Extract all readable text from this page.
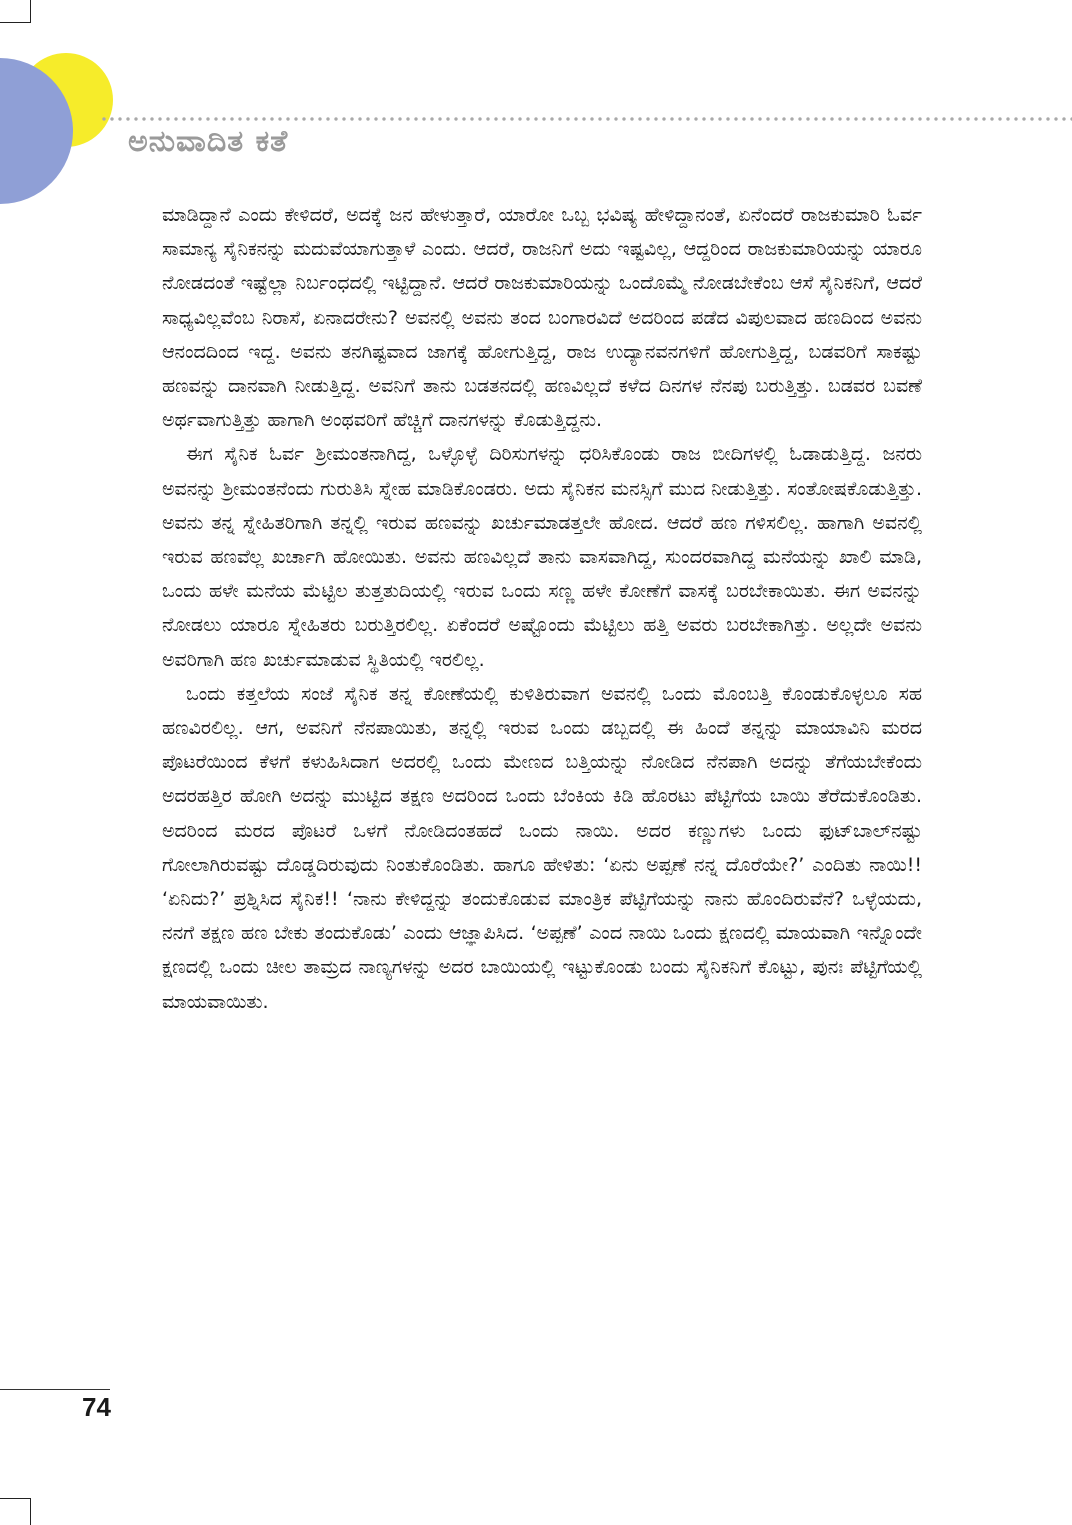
ಅನುವಾದಿತ ಕತೆ

ಮಾಡಿದ್ದಾನೆ ಎಂದು ಕೇಳಿದರೆ, ಅದಕ್ಕೆ ಜನ ಹೇಳುತ್ತಾರೆ, ಯಾರೋ ಒಬ್ಬ ಭವಿಷ್ಯ ಹೇಳಿದ್ದಾನಂತೆ, ಏನೆಂದರೆ ರಾಜಕುಮಾರಿ ಓರ್ವ ಸಾಮಾನ್ಯ ಸೈನಿಕನನ್ನು ಮದುವೆಯಾಗುತ್ತಾಳೆ ಎಂದು. ಆದರೆ, ರಾಜನಿಗೆ ಅದು ಇಷ್ಟವಿಲ್ಲ, ಆದ್ದರಿಂದ ರಾಜಕುಮಾರಿಯನ್ನು ಯಾರೂ ನೋಡದಂತೆ ಇಷ್ಟೆಲ್ಲಾ ನಿರ್ಬಂಧದಲ್ಲಿ ಇಟ್ಟಿದ್ದಾನೆ. ಆದರೆ ರಾಜಕುಮಾರಿಯನ್ನು ಒಂದೊಮ್ಮೆ ನೋಡಬೇಕೆಂಬ ಆಸೆ ಸೈನಿಕನಿಗೆ, ಆದರೆ ಸಾಧ್ಯವಿಲ್ಲವೆಂಬ ನಿರಾಸೆ, ಏನಾದರೇನು? ಅವನಲ್ಲಿ ಅವನು ತಂದ ಬಂಗಾರವಿದೆ ಅದರಿಂದ ಪಡೆದ ವಿಪುಲವಾದ ಹಣದಿಂದ ಅವನು ಆನಂದದಿಂದ ಇದ್ದ. ಅವನು ತನಗಿಷ್ಟವಾದ ಜಾಗಕ್ಕೆ ಹೋಗುತ್ತಿದ್ದ, ರಾಜ ಉದ್ಯಾನವನಗಳಿಗೆ ಹೋಗುತ್ತಿದ್ದ, ಬಡವರಿಗೆ ಸಾಕಷ್ಟು ಹಣವನ್ನು ದಾನವಾಗಿ ನೀಡುತ್ತಿದ್ದ. ಅವನಿಗೆ ತಾನು ಬಡತನದಲ್ಲಿ ಹಣವಿಲ್ಲದೆ ಕಳೆದ ದಿನಗಳ ನೆನಪು ಬರುತ್ತಿತ್ತು. ಬಡವರ ಬವಣೆ ಅರ್ಥವಾಗುತ್ತಿತ್ತು ಹಾಗಾಗಿ ಅಂಥವರಿಗೆ ಹೆಚ್ಚಿಗೆ ದಾನಗಳನ್ನು ಕೊಡುತ್ತಿದ್ದನು.

ಈಗ ಸೈನಿಕ ಓರ್ವ ಶ್ರೀಮಂತನಾಗಿದ್ದ, ಒಳ್ಳೊಳ್ಳೆ ದಿರಿಸುಗಳನ್ನು ಧರಿಸಿಕೊಂಡು ರಾಜ ಬೀದಿಗಳಲ್ಲಿ ಓಡಾಡುತ್ತಿದ್ದ. ಜನರು ಅವನನ್ನು ಶ್ರೀಮಂತನೆಂದು ಗುರುತಿಸಿ ಸ್ನೇಹ ಮಾಡಿಕೊಂಡರು. ಅದು ಸೈನಿಕನ ಮನಸ್ಸಿಗೆ ಮುದ ನೀಡುತ್ತಿತ್ತು. ಸಂತೋಷಕೊಡುತ್ತಿತ್ತು. ಅವನು ತನ್ನ ಸ್ನೇಹಿತರಿಗಾಗಿ ತನ್ನಲ್ಲಿ ಇರುವ ಹಣವನ್ನು ಖರ್ಚುಮಾಡತ್ತಲೇ ಹೋದ. ಆದರೆ ಹಣ ಗಳಿಸಲಿಲ್ಲ. ಹಾಗಾಗಿ ಅವನಲ್ಲಿ ಇರುವ ಹಣವೆಲ್ಲ ಖರ್ಚಾಗಿ ಹೋಯಿತು. ಅವನು ಹಣವಿಲ್ಲದೆ ತಾನು ವಾಸವಾಗಿದ್ದ, ಸುಂದರವಾಗಿದ್ದ ಮನೆಯನ್ನು ಖಾಲಿ ಮಾಡಿ, ಒಂದು ಹಳೇ ಮನೆಯ ಮೆಟ್ಟಿಲ ತುತ್ತತುದಿಯಲ್ಲಿ ಇರುವ ಒಂದು ಸಣ್ಣ ಹಳೇ ಕೋಣೆಗೆ ವಾಸಕ್ಕೆ ಬರಬೇಕಾಯಿತು. ಈಗ ಅವನನ್ನು ನೋಡಲು ಯಾರೂ ಸ್ನೇಹಿತರು ಬರುತ್ತಿರಲಿಲ್ಲ. ಏಕೆಂದರೆ ಅಷ್ಟೊಂದು ಮೆಟ್ಟಿಲು ಹತ್ತಿ ಅವರು ಬರಬೇಕಾಗಿತ್ತು. ಅಲ್ಲದೇ ಅವನು ಅವರಿಗಾಗಿ ಹಣ ಖರ್ಚುಮಾಡುವ ಸ್ಥಿತಿಯಲ್ಲಿ ಇರಲಿಲ್ಲ.

ಒಂದು ಕತ್ತಲೆಯ ಸಂಜೆ ಸೈನಿಕ ತನ್ನ ಕೋಣೆಯಲ್ಲಿ ಕುಳಿತಿರುವಾಗ ಅವನಲ್ಲಿ ಒಂದು ಮೊಂಬತ್ತಿ ಕೊಂಡುಕೊಳ್ಳಲೂ ಸಹ ಹಣವಿರಲಿಲ್ಲ. ಆಗ, ಅವನಿಗೆ ನೆನಪಾಯಿತು, ತನ್ನಲ್ಲಿ ಇರುವ ಒಂದು ಡಬ್ಬದಲ್ಲಿ ಈ ಹಿಂದೆ ತನ್ನನ್ನು ಮಾಯಾವಿನಿ ಮರದ ಪೊಟರೆಯಿಂದ ಕೆಳಗೆ ಕಳುಹಿಸಿದಾಗ ಅದರಲ್ಲಿ ಒಂದು ಮೇಣದ ಬತ್ತಿಯನ್ನು ನೋಡಿದ ನೆನಪಾಗಿ ಅದನ್ನು ತೆಗೆಯಬೇಕೆಂದು ಅದರಹತ್ತಿರ ಹೋಗಿ ಅದನ್ನು ಮುಟ್ಟಿದ ತಕ್ಷಣ ಅದರಿಂದ ಒಂದು ಬೆಂಕಿಯ ಕಿಡಿ ಹೊರಟು ಪೆಟ್ಟಿಗೆಯ ಬಾಯಿ ತೆರೆದುಕೊಂಡಿತು. ಅದರಿಂದ ಮರದ ಪೊಟರೆ ಒಳಗೆ ನೋಡಿದಂತಹದೆ ಒಂದು ನಾಯಿ. ಅದರ ಕಣ್ಣುಗಳು ಒಂದು ಫುಟ್‌ಬಾಲ್‌ನಷ್ಟು ಗೋಲಾಗಿರುವಷ್ಟು ದೊಡ್ಡದಿರುವುದು ನಿಂತುಕೊಂಡಿತು. ಹಾಗೂ ಹೇಳಿತು: ‘ಏನು ಅಪ್ಪಣೆ ನನ್ನ ದೊರೆಯೇ?’ ಎಂದಿತು ನಾಯಿ!! ‘ಏನಿದು?’ ಪ್ರಶ್ನಿಸಿದ ಸೈನಿಕ!! ‘ನಾನು ಕೇಳಿದ್ದನ್ನು ತಂದುಕೊಡುವ ಮಾಂತ್ರಿಕ ಪೆಟ್ಟಿಗೆಯನ್ನು ನಾನು ಹೊಂದಿರುವೆನೆ? ಒಳ್ಳೆಯದು, ನನಗೆ ತಕ್ಷಣ ಹಣ ಬೇಕು ತಂದುಕೊಡು’ ಎಂದು ಆಜ್ಞಾಪಿಸಿದ. ‘ಅಪ್ಪಣೆ’ ಎಂದ ನಾಯಿ ಒಂದು ಕ್ಷಣದಲ್ಲಿ ಮಾಯವಾಗಿ ಇನ್ನೊಂದೇ ಕ್ಷಣದಲ್ಲಿ ಒಂದು ಚೀಲ ತಾಮ್ರದ ನಾಣ್ಯಗಳನ್ನು ಅದರ ಬಾಯಿಯಲ್ಲಿ ಇಟ್ಟುಕೊಂಡು ಬಂದು ಸೈನಿಕನಿಗೆ ಕೊಟ್ಟು, ಪುನಃ ಪೆಟ್ಟಿಗೆಯಲ್ಲಿ ಮಾಯವಾಯಿತು.

74
